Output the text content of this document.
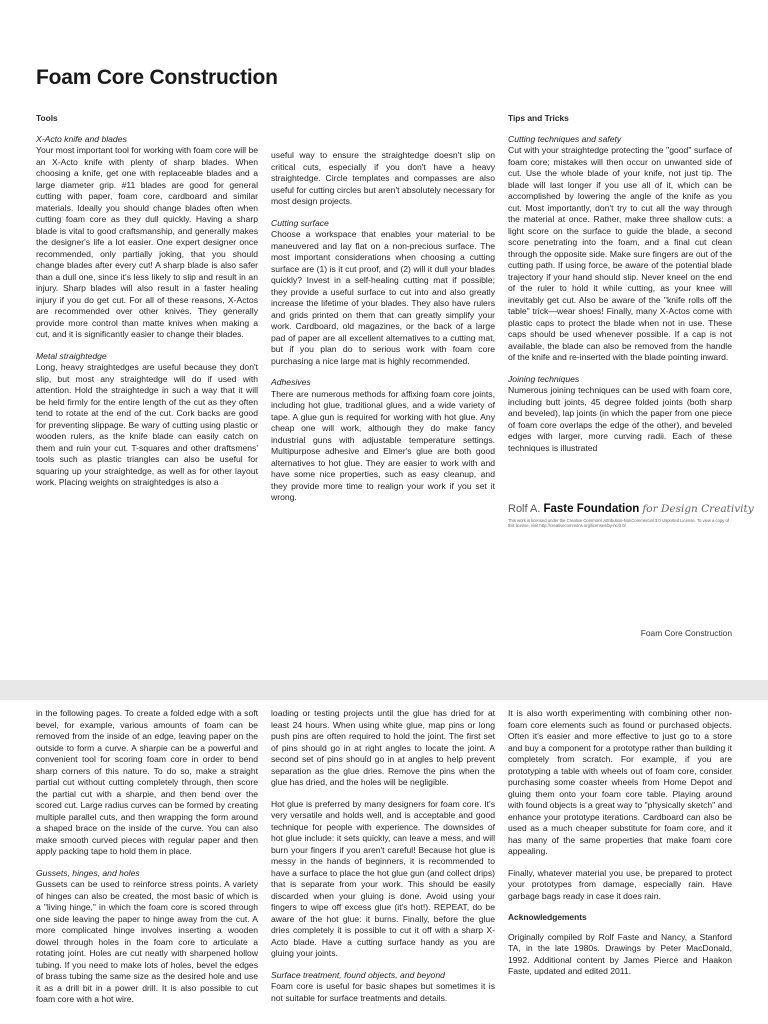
Foam Core Construction
Tools
X-Acto knife and blades

Your most important tool for working with foam core will be an X-Acto knife with plenty of sharp blades. When choosing a knife, get one with replaceable blades and a large diameter grip. #11 blades are good for general cutting with paper, foam core, cardboard and similar materials. Ideally you should change blades often when cutting foam core as they dull quickly. Having a sharp blade is vital to good craftsmanship, and generally makes the designer's life a lot easier. One expert designer once recommended, only partially joking, that you should change blades after every cut! A sharp blade is also safer than a dull one, since it's less likely to slip and result in an injury. Sharp blades will also result in a faster healing injury if you do get cut. For all of these reasons, X-Actos are recommended over other knives. They generally provide more control than matte knives when making a cut, and it is significantly easier to change their blades.

Metal straightedge

Long, heavy straightedges are useful because they don't slip, but most any straightedge will do if used with attention. Hold the straightedge in such a way that it will be held firmly for the entire length of the cut as they often tend to rotate at the end of the cut. Cork backs are good for preventing slippage. Be wary of cutting using plastic or wooden rulers, as the knife blade can easily catch on them and ruin your cut. T-squares and other draftsmens' tools such as plastic triangles can also be useful for squaring up your straightedge, as well as for other layout work. Placing weights on straightedges is also a

useful way to ensure the straightedge doesn't slip on critical cuts, especially if you don't have a heavy straightedge. Circle templates and compasses are also useful for cutting circles but aren't absolutely necessary for most design projects.

Cutting surface

Choose a workspace that enables your material to be maneuvered and lay flat on a non-precious surface. The most important considerations when choosing a cutting surface are (1) is it cut proof, and (2) will it dull your blades quickly? Invest in a self-healing cutting mat if possible; they provide a useful surface to cut into and also greatly increase the lifetime of your blades. They also have rulers and grids printed on them that can greatly simplify your work. Cardboard, old magazines, or the back of a large pad of paper are all excellent alternatives to a cutting mat, but if you plan do to serious work with foam core purchasing a nice large mat is highly recommended.

Adhesives

There are numerous methods for affixing foam core joints, including hot glue, traditional glues, and a wide variety of tape. A glue gun is required for working with hot glue. Any cheap one will work, although they do make fancy industrial guns with adjustable temperature settings. Multipurpose adhesive and Elmer's glue are both good alternatives to hot glue. They are easier to work with and have some nice properties, such as easy cleanup, and they provide more time to realign your work if you set it wrong.

Tips and Tricks
Cutting techniques and safety

Cut with your straightedge protecting the "good" surface of foam core; mistakes will then occur on unwanted side of cut. Use the whole blade of your knife, not just tip. The blade will last longer if you use all of it, which can be accomplished by lowering the angle of the knife as you cut. Most importantly, don't try to cut all the way through the material at once. Rather, make three shallow cuts: a light score on the surface to guide the blade, a second score penetrating into the foam, and a final cut clean through the opposite side. Make sure fingers are out of the cutting path. If using force, be aware of the potential blade trajectory if your hand should slip. Never kneel on the end of the ruler to hold it while cutting, as your knee will inevitably get cut. Also be aware of the "knife rolls off the table" trick—wear shoes! Finally, many X-Actos come with plastic caps to protect the blade when not in use. These caps should be used whenever possible. If a cap is not available, the blade can also be removed from the handle of the knife and re-inserted with the blade pointing inward.

Joining techniques

Numerous joining techniques can be used with foam core, including butt joints, 45 degree folded joints (both sharp and beveled), lap joints (in which the paper from one piece of foam core overlaps the edge of the other), and beveled edges with larger, more curving radii. Each of these techniques is illustrated

Rolf A. Faste Foundation for Design Creativity
This work is licensed under the Creative Commons Attribution-NonCommercial 3.0 Unported License. To view a copy of this license, visit http://creativecommons.org/licenses/by-nc/3.0/
Foam Core Construction

in the following pages. To create a folded edge with a soft bevel, for example, various amounts of foam can be removed from the inside of an edge, leaving paper on the outside to form a curve. A sharpie can be a powerful and convenient tool for scoring foam core in order to bend sharp corners of this nature. To do so, make a straight partial cut without cutting completely through, then score the partial cut with a sharpie, and then bend over the scored cut. Large radius curves can be formed by creating multiple parallel cuts, and then wrapping the form around a shaped brace on the inside of the curve. You can also make smooth curved pieces with regular paper and then apply packing tape to hold them in place.

Gussets, hinges, and holes

Gussets can be used to reinforce stress points. A variety of hinges can also be created, the most basic of which is a "living hinge," in which the foam core is scored through one side leaving the paper to hinge away from the cut. A more complicated hinge involves inserting a wooden dowel through holes in the foam core to articulate a rotating joint. Holes are cut neatly with sharpened hollow tubing. If you need to make lots of holes, bevel the edges of brass tubing the same size as the desired hole and use it as a drill bit in a power drill. It is also possible to cut foam core with a hot wire.

loading or testing projects until the glue has dried for at least 24 hours. When using white glue, map pins or long push pins are often required to hold the joint. The first set of pins should go in at right angles to locate the joint. A second set of pins should go in at angles to help prevent separation as the glue dries. Remove the pins when the glue has dried, and the holes will be negligible.

Hot glue is preferred by many designers for foam core. It's very versatile and holds well, and is acceptable and good technique for people with experience. The downsides of hot glue include: it sets quickly, can leave a mess, and will burn your fingers if you aren't careful! Because hot glue is messy in the hands of beginners, it is recommended to have a surface to place the hot glue gun (and collect drips) that is separate from your work. This should be easily discarded when your gluing is done. Avoid using your fingers to wipe off excess glue (it's hot!). REPEAT, do be aware of the hot glue: it burns. Finally, before the glue dries completely it is possible to cut it off with a sharp X-Acto blade. Have a cutting surface handy as you are gluing your joints.

Surface treatment, found objects, and beyond

Foam core is useful for basic shapes but sometimes it is not suitable for surface treatments and details.

It is also worth experimenting with combining other non-foam core elements such as found or purchased objects. Often it's easier and more effective to just go to a store and buy a component for a prototype rather than building it completely from scratch. For example, if you are prototyping a table with wheels out of foam core, consider purchasing some coaster wheels from Home Depot and gluing them onto your foam core table. Playing around with found objects is a great way to "physically sketch" and enhance your prototype iterations. Cardboard can also be used as a much cheaper substitute for foam core, and it has many of the same properties that make foam core appealing.

Finally, whatever material you use, be prepared to protect your prototypes from damage, especially rain. Have garbage bags ready in case it does rain.

Acknowledgements

Originally compiled by Rolf Faste and Nancy, a Stanford TA, in the late 1980s. Drawings by Peter MacDonald, 1992. Additional content by James Pierce and Haakon Faste, updated and edited 2011.
